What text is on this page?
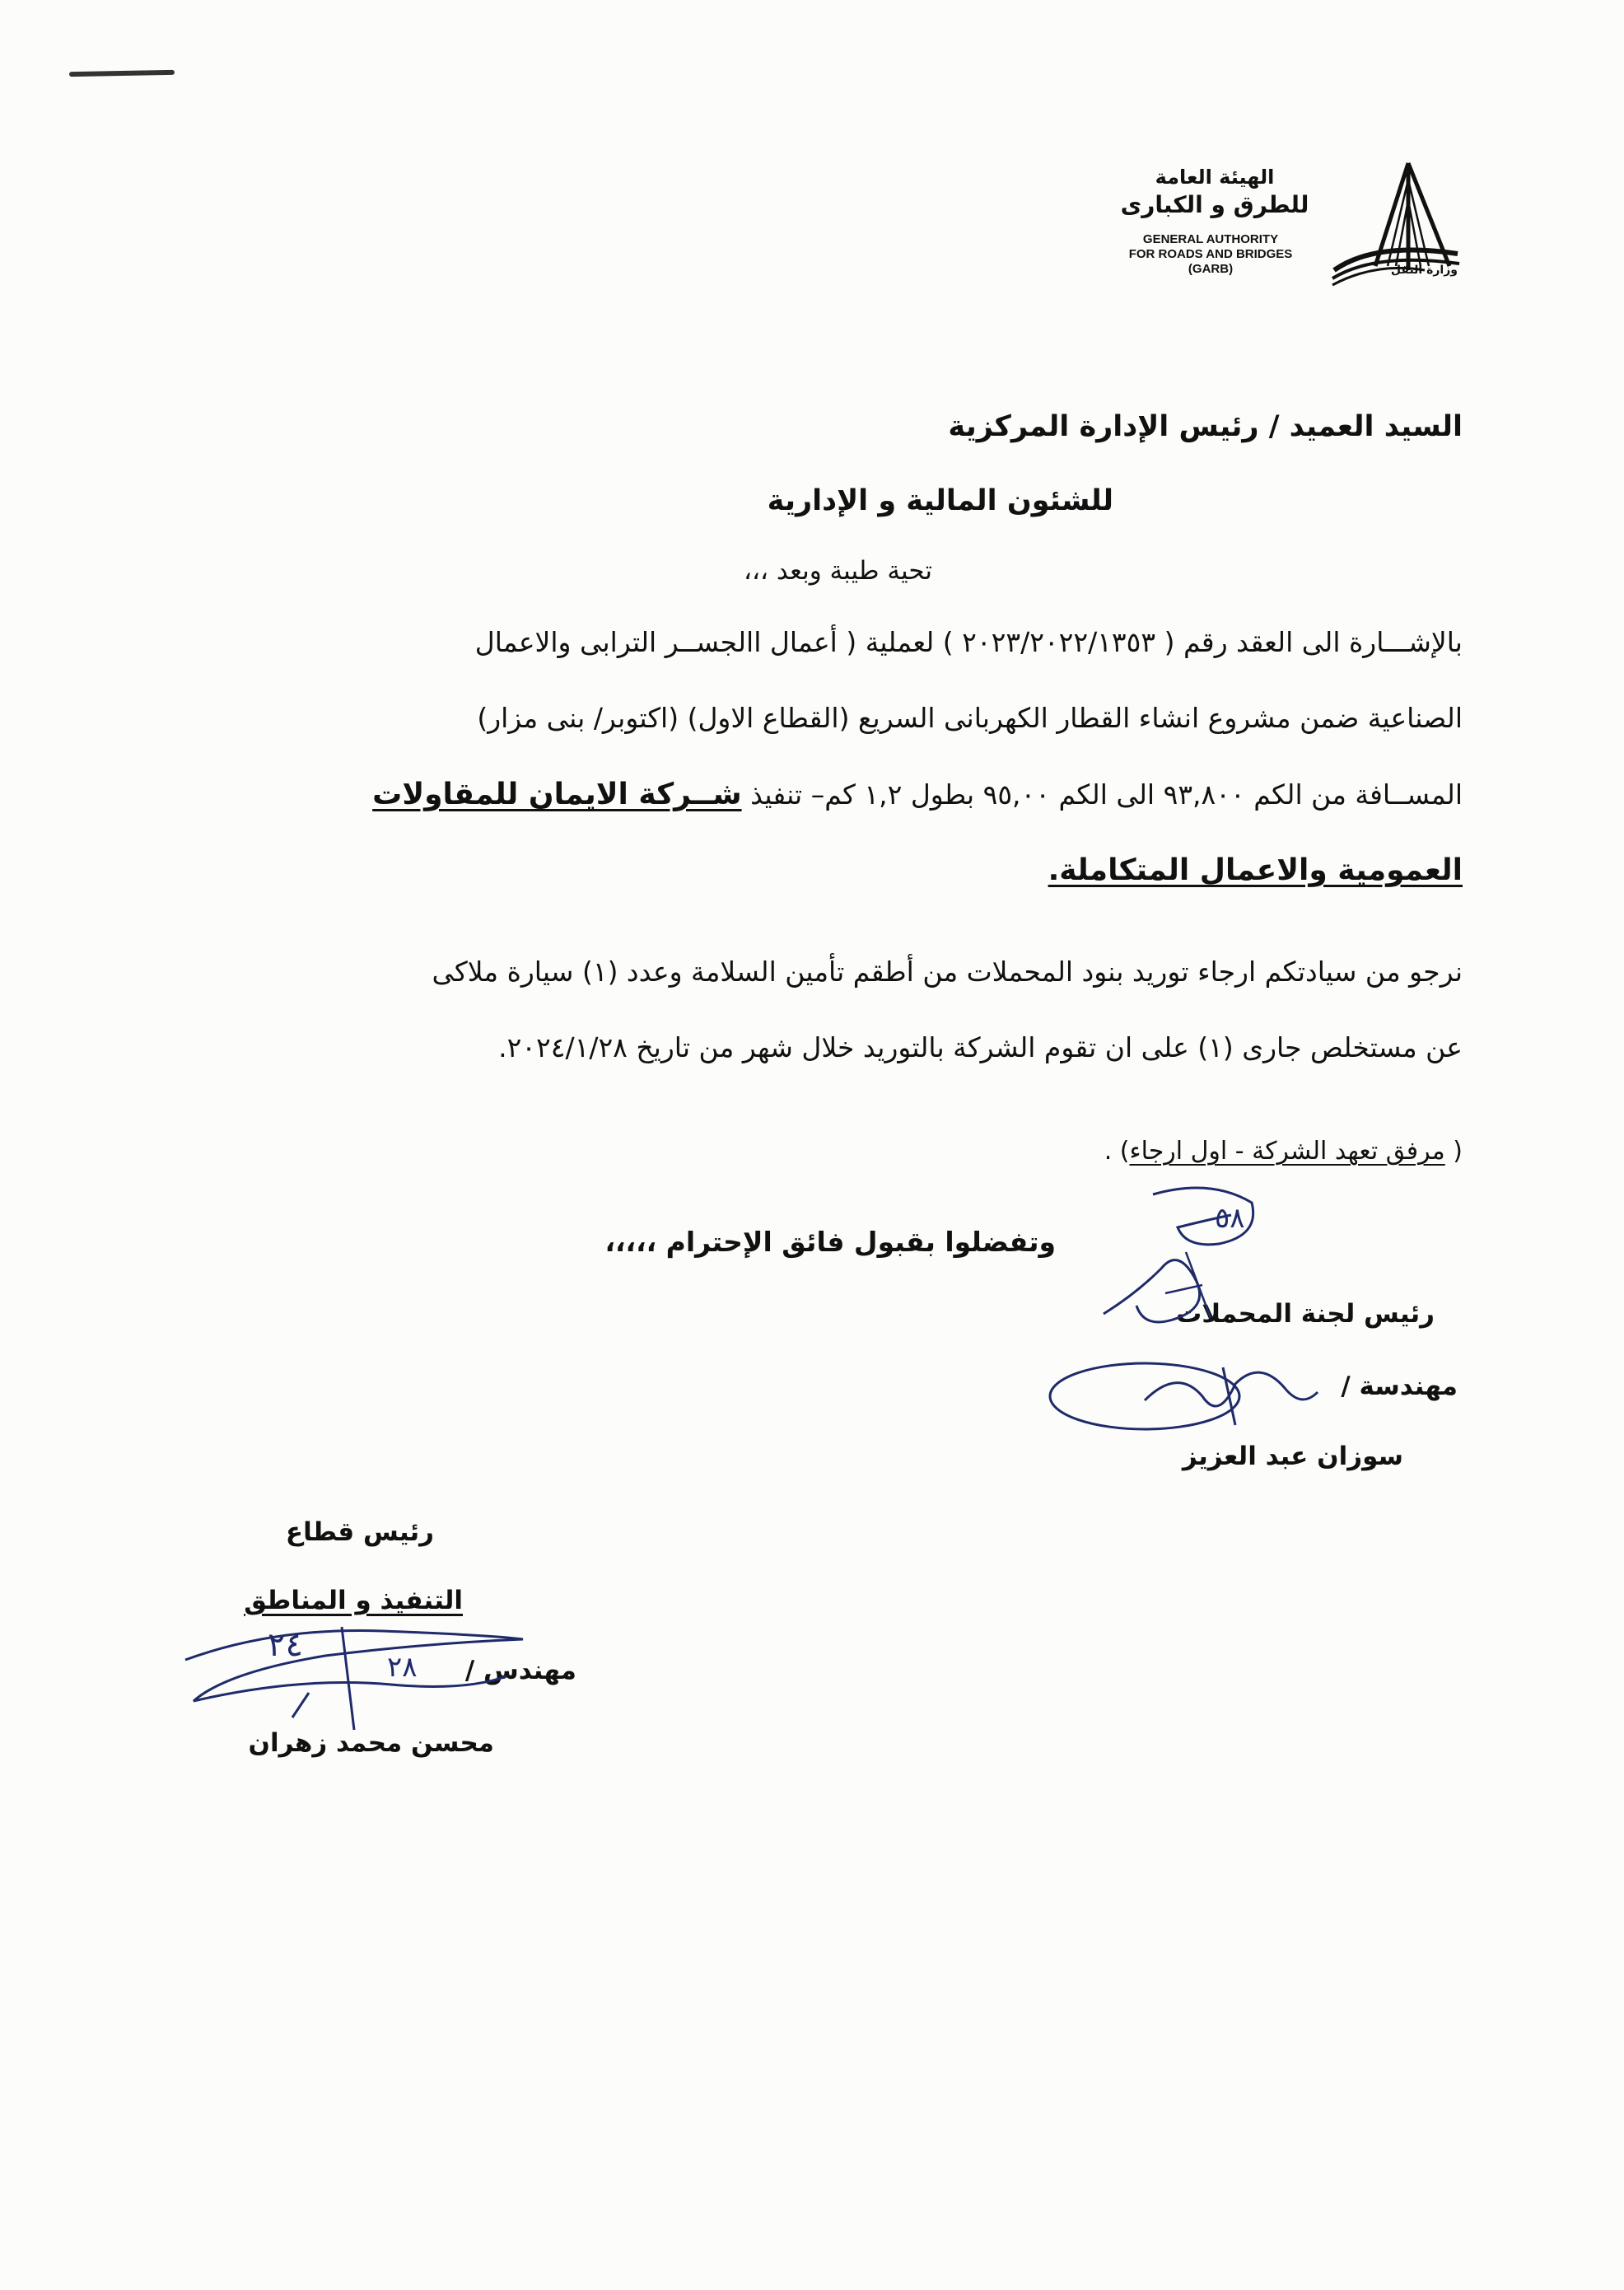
الهيئة العامة
للطرق و الكبارى
GENERAL AUTHORITY
FOR ROADS AND BRIDGES
(GARB)	وزارة النقل
السيد العميد / رئيس الإدارة المركزية
للشئون المالية و الإدارية
تحية طيبة وبعد ،،،
بالإشـــارة الى العقد رقم ( ٢٠٢٣/٢٠٢٢/١٣٥٣ ) لعملية ( أعمال االجســر الترابى والاعمال
الصناعية ضمن مشروع انشاء القطار الكهربانى السريع (القطاع الاول) (اكتوبر/ بنى مزار)
المســافة من الكم ٩٣,٨٠٠ الى الكم ٩٥,٠٠ بطول ١,٢ كم– تنفيذ شــركة الايمان للمقاولات
العمومية والاعمال المتكاملة.
نرجو من سيادتكم ارجاء توريد بنود المحملات من أطقم تأمين السلامة وعدد (١) سيارة ملاكى
عن مستخلص جارى (١) على ان تقوم الشركة بالتوريد خلال شهر من تاريخ ٢٠٢٤/١/٢٨.
( مرفق تعهد الشركة - اول ارجاء) .
وتفضلوا بقبول فائق الإحترام ،،،،،
رئيس لجنة المحملات
مهندسة /
سوزان عبد العزيز
٥٨
رئيس قطاع
التنفيذ و المناطق
مهندس /
محسن محمد زهران
٢٤
٢٨
